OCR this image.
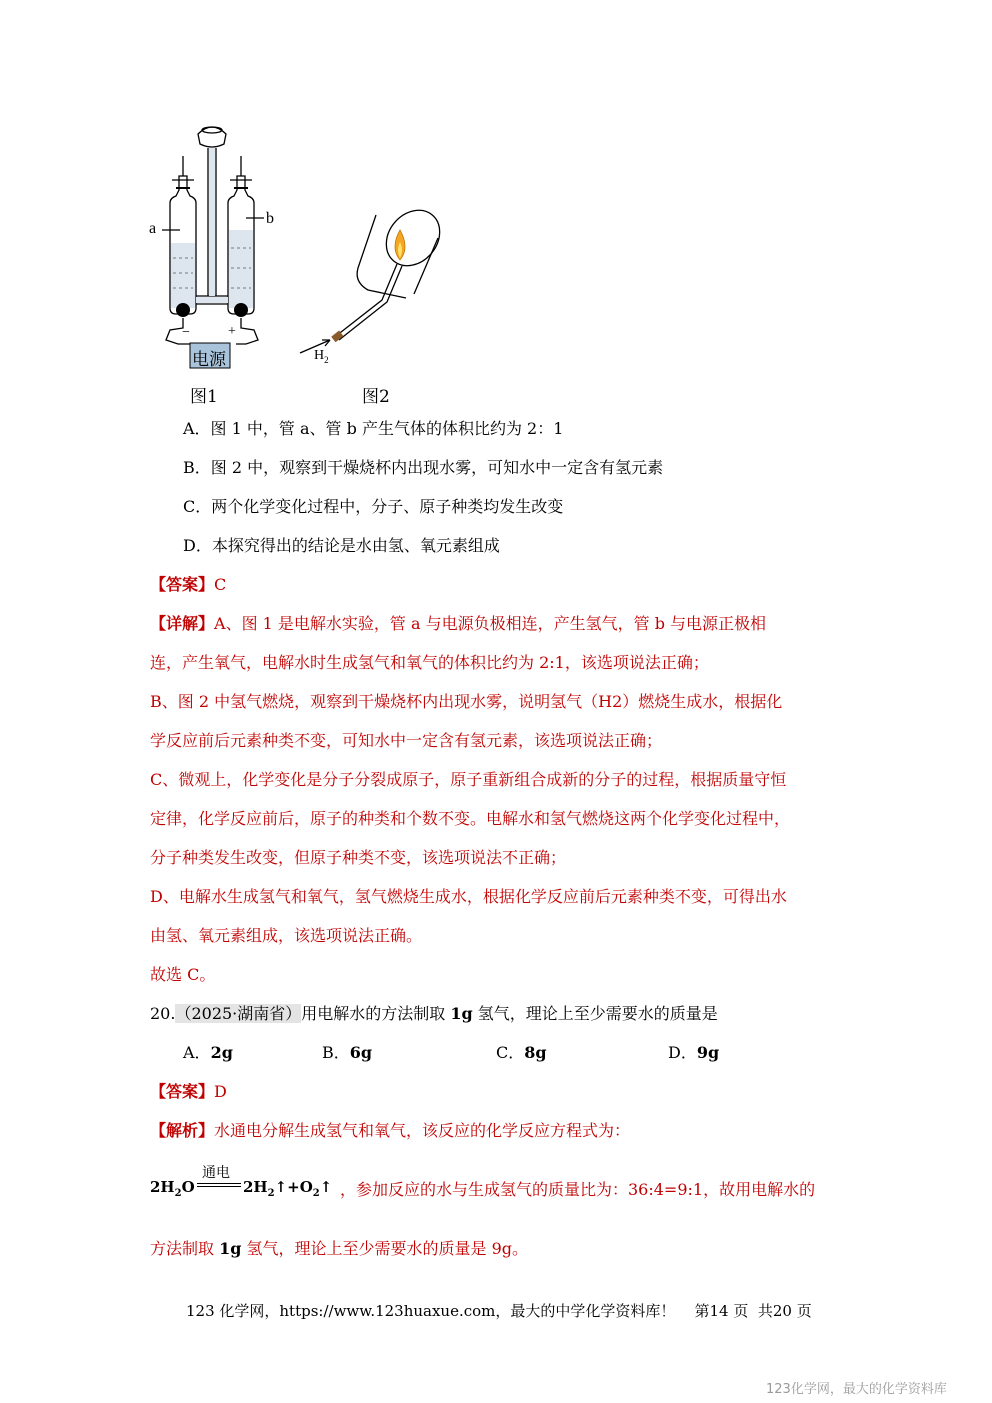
a
b
−	+
电源
图1
$H_2$
图2
A．图 1 中，管 a、管 b 产生气体的体积比约为 2：1
B．图 2 中，观察到干燥烧杯内出现水雾，可知水中一定含有氢元素
C．两个化学变化过程中，分子、原子种类均发生改变
D．本探究得出的结论是水由氢、氧元素组成
【答案】C
【详解】A、图 1 是电解水实验，管 a 与电源负极相连，产生氢气，管 b 与电源正极相
连，产生氧气，电解水时生成氢气和氧气的体积比约为 2:1，该选项说法正确；
B、图 2 中氢气燃烧，观察到干燥烧杯内出现水雾，说明氢气（H2）燃烧生成水，根据化
学反应前后元素种类不变，可知水中一定含有氢元素，该选项说法正确；
C、微观上，化学变化是分子分裂成原子，原子重新组合成新的分子的过程，根据质量守恒
定律，化学反应前后，原子的种类和个数不变。电解水和氢气燃烧这两个化学变化过程中，
分子种类发生改变，但原子种类不变，该选项说法不正确；
D、电解水生成氢气和氧气，氢气燃烧生成水，根据化学反应前后元素种类不变，可得出水
由氢、氧元素组成，该选项说法正确。
故选 C。
20.（2025·湖南省）用电解水的方法制取 1g 氢气，理论上至少需要水的质量是
A．2g	B．6g	C．8g	D．9g
【答案】D
【解析】水通电分解生成氢气和氧气，该反应的化学反应方程式为：
$2H_2O$
通电
$2H_2↑+O_2↑$ ，参加反应的水与生成氢气的质量比为：36:4=9:1，故用电解水的
方法制取 1g 氢气，理论上至少需要水的质量是 9g。
123 化学网，https://www.123huaxue.com，最大的中学化学资料库！    第14 页  共20 页
123化学网，最大的化学资料库
